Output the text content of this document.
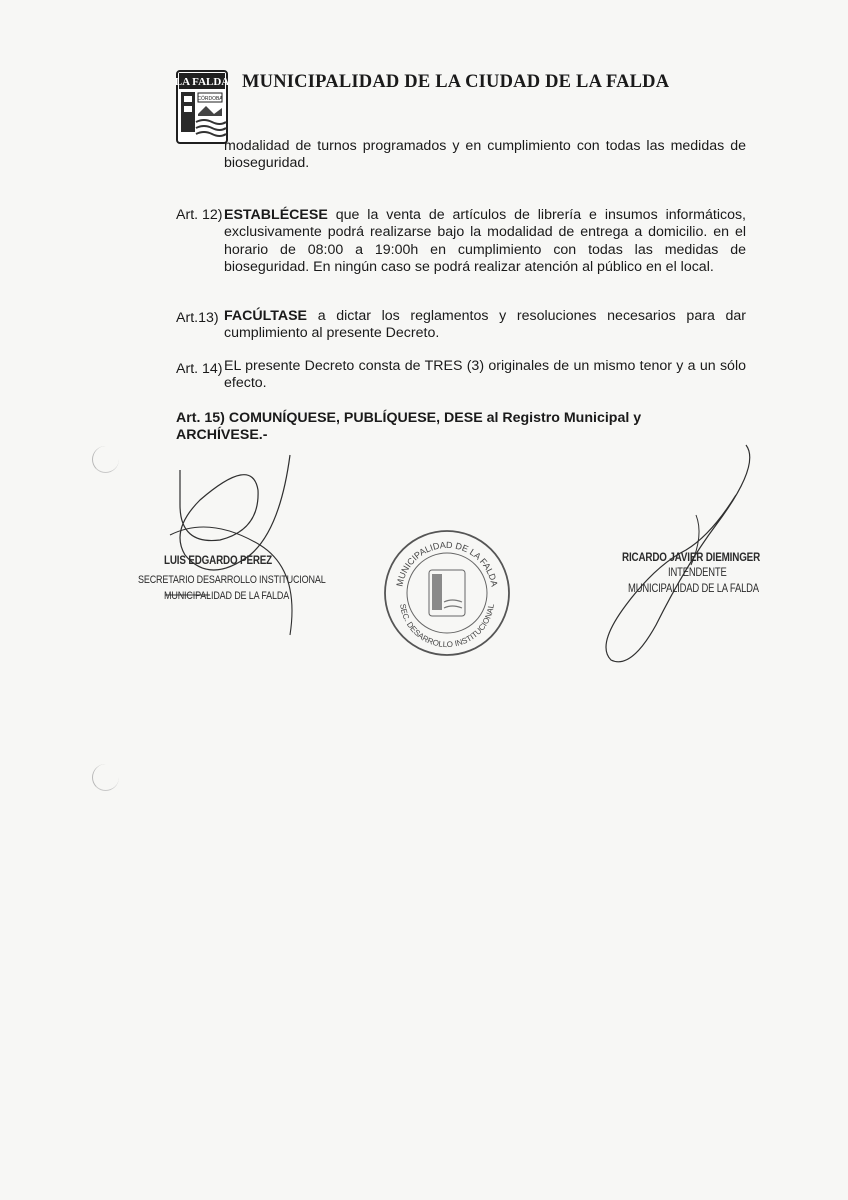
LA FALDA
CÓRDOBA
MUNICIPALIDAD DE LA CIUDAD DE LA FALDA
modalidad de turnos programados y en cumplimiento con todas las medidas de bioseguridad.
Art. 12) ESTABLÉCESE que la venta de artículos de librería e insumos informáticos, exclusivamente podrá realizarse bajo la modalidad de entrega a domicilio. en el horario de 08:00 a 19:00h en cumplimiento con todas las medidas de bioseguridad. En ningún caso se podrá realizar atención al público en el local.
Art.13) FACÚLTASE a dictar los reglamentos y resoluciones necesarios para dar cumplimiento al presente Decreto.
Art. 14) EL presente Decreto consta de TRES (3) originales de un mismo tenor y a un sólo efecto.
Art. 15) COMUNÍQUESE, PUBLÍQUESE, DESE al Registro Municipal y ARCHÍVESE.-
LUIS EDGARDO PEREZ
SECRETARIO DESARROLLO INSTITUCIONAL
MUNICIPALIDAD DE LA FALDA
MUNICIPALIDAD DE LA FALDA
SEC. DESARROLLO INSTITUCIONAL
RICARDO JAVIER DIEMINGER
INTENDENTE
MUNICIPALIDAD DE LA FALDA
